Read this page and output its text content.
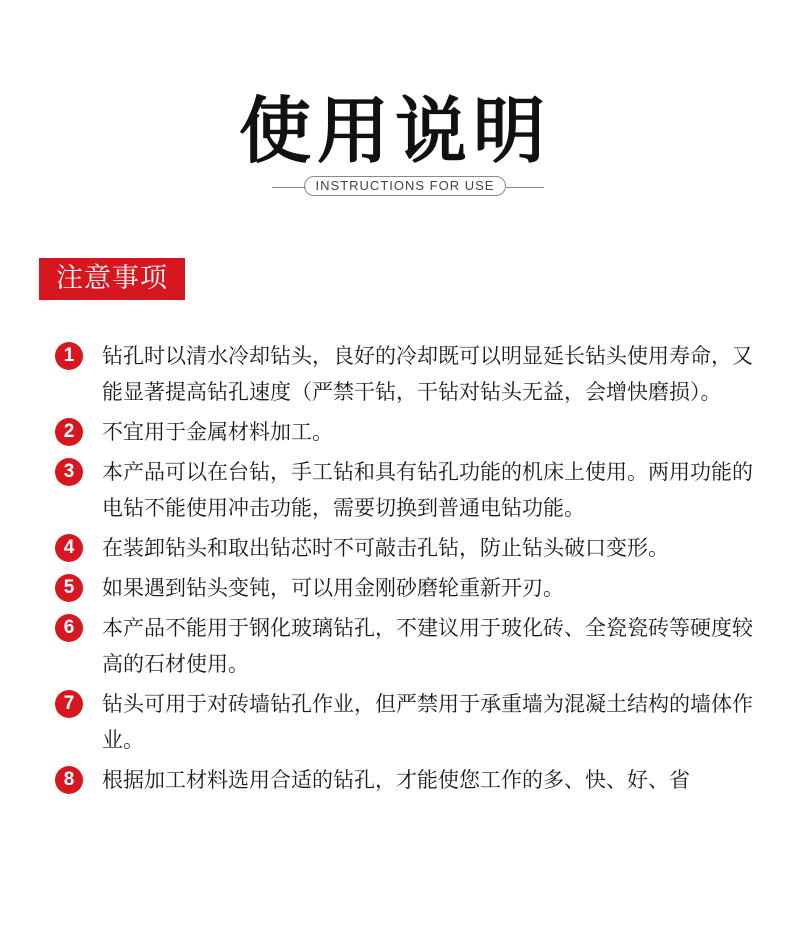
使用说明
INSTRUCTIONS FOR USE
注意事项
1	钻孔时以清水冷却钻头，良好的冷却既可以明显延长钻头使用寿命，又能显著提高钻孔速度（严禁干钻，干钻对钻头无益，会增快磨损）。
2	不宜用于金属材料加工。
3	本产品可以在台钻，手工钻和具有钻孔功能的机床上使用。两用功能的电钻不能使用冲击功能，需要切换到普通电钻功能。
4	在装卸钻头和取出钻芯时不可敲击孔钻，防止钻头破口变形。
5	如果遇到钻头变钝，可以用金刚砂磨轮重新开刃。
6	本产品不能用于钢化玻璃钻孔，不建议用于玻化砖、全瓷瓷砖等硬度较高的石材使用。
7	钻头可用于对砖墙钻孔作业，但严禁用于承重墙为混凝土结构的墙体作业。
8	根据加工材料选用合适的钻孔，才能使您工作的多、快、好、省
